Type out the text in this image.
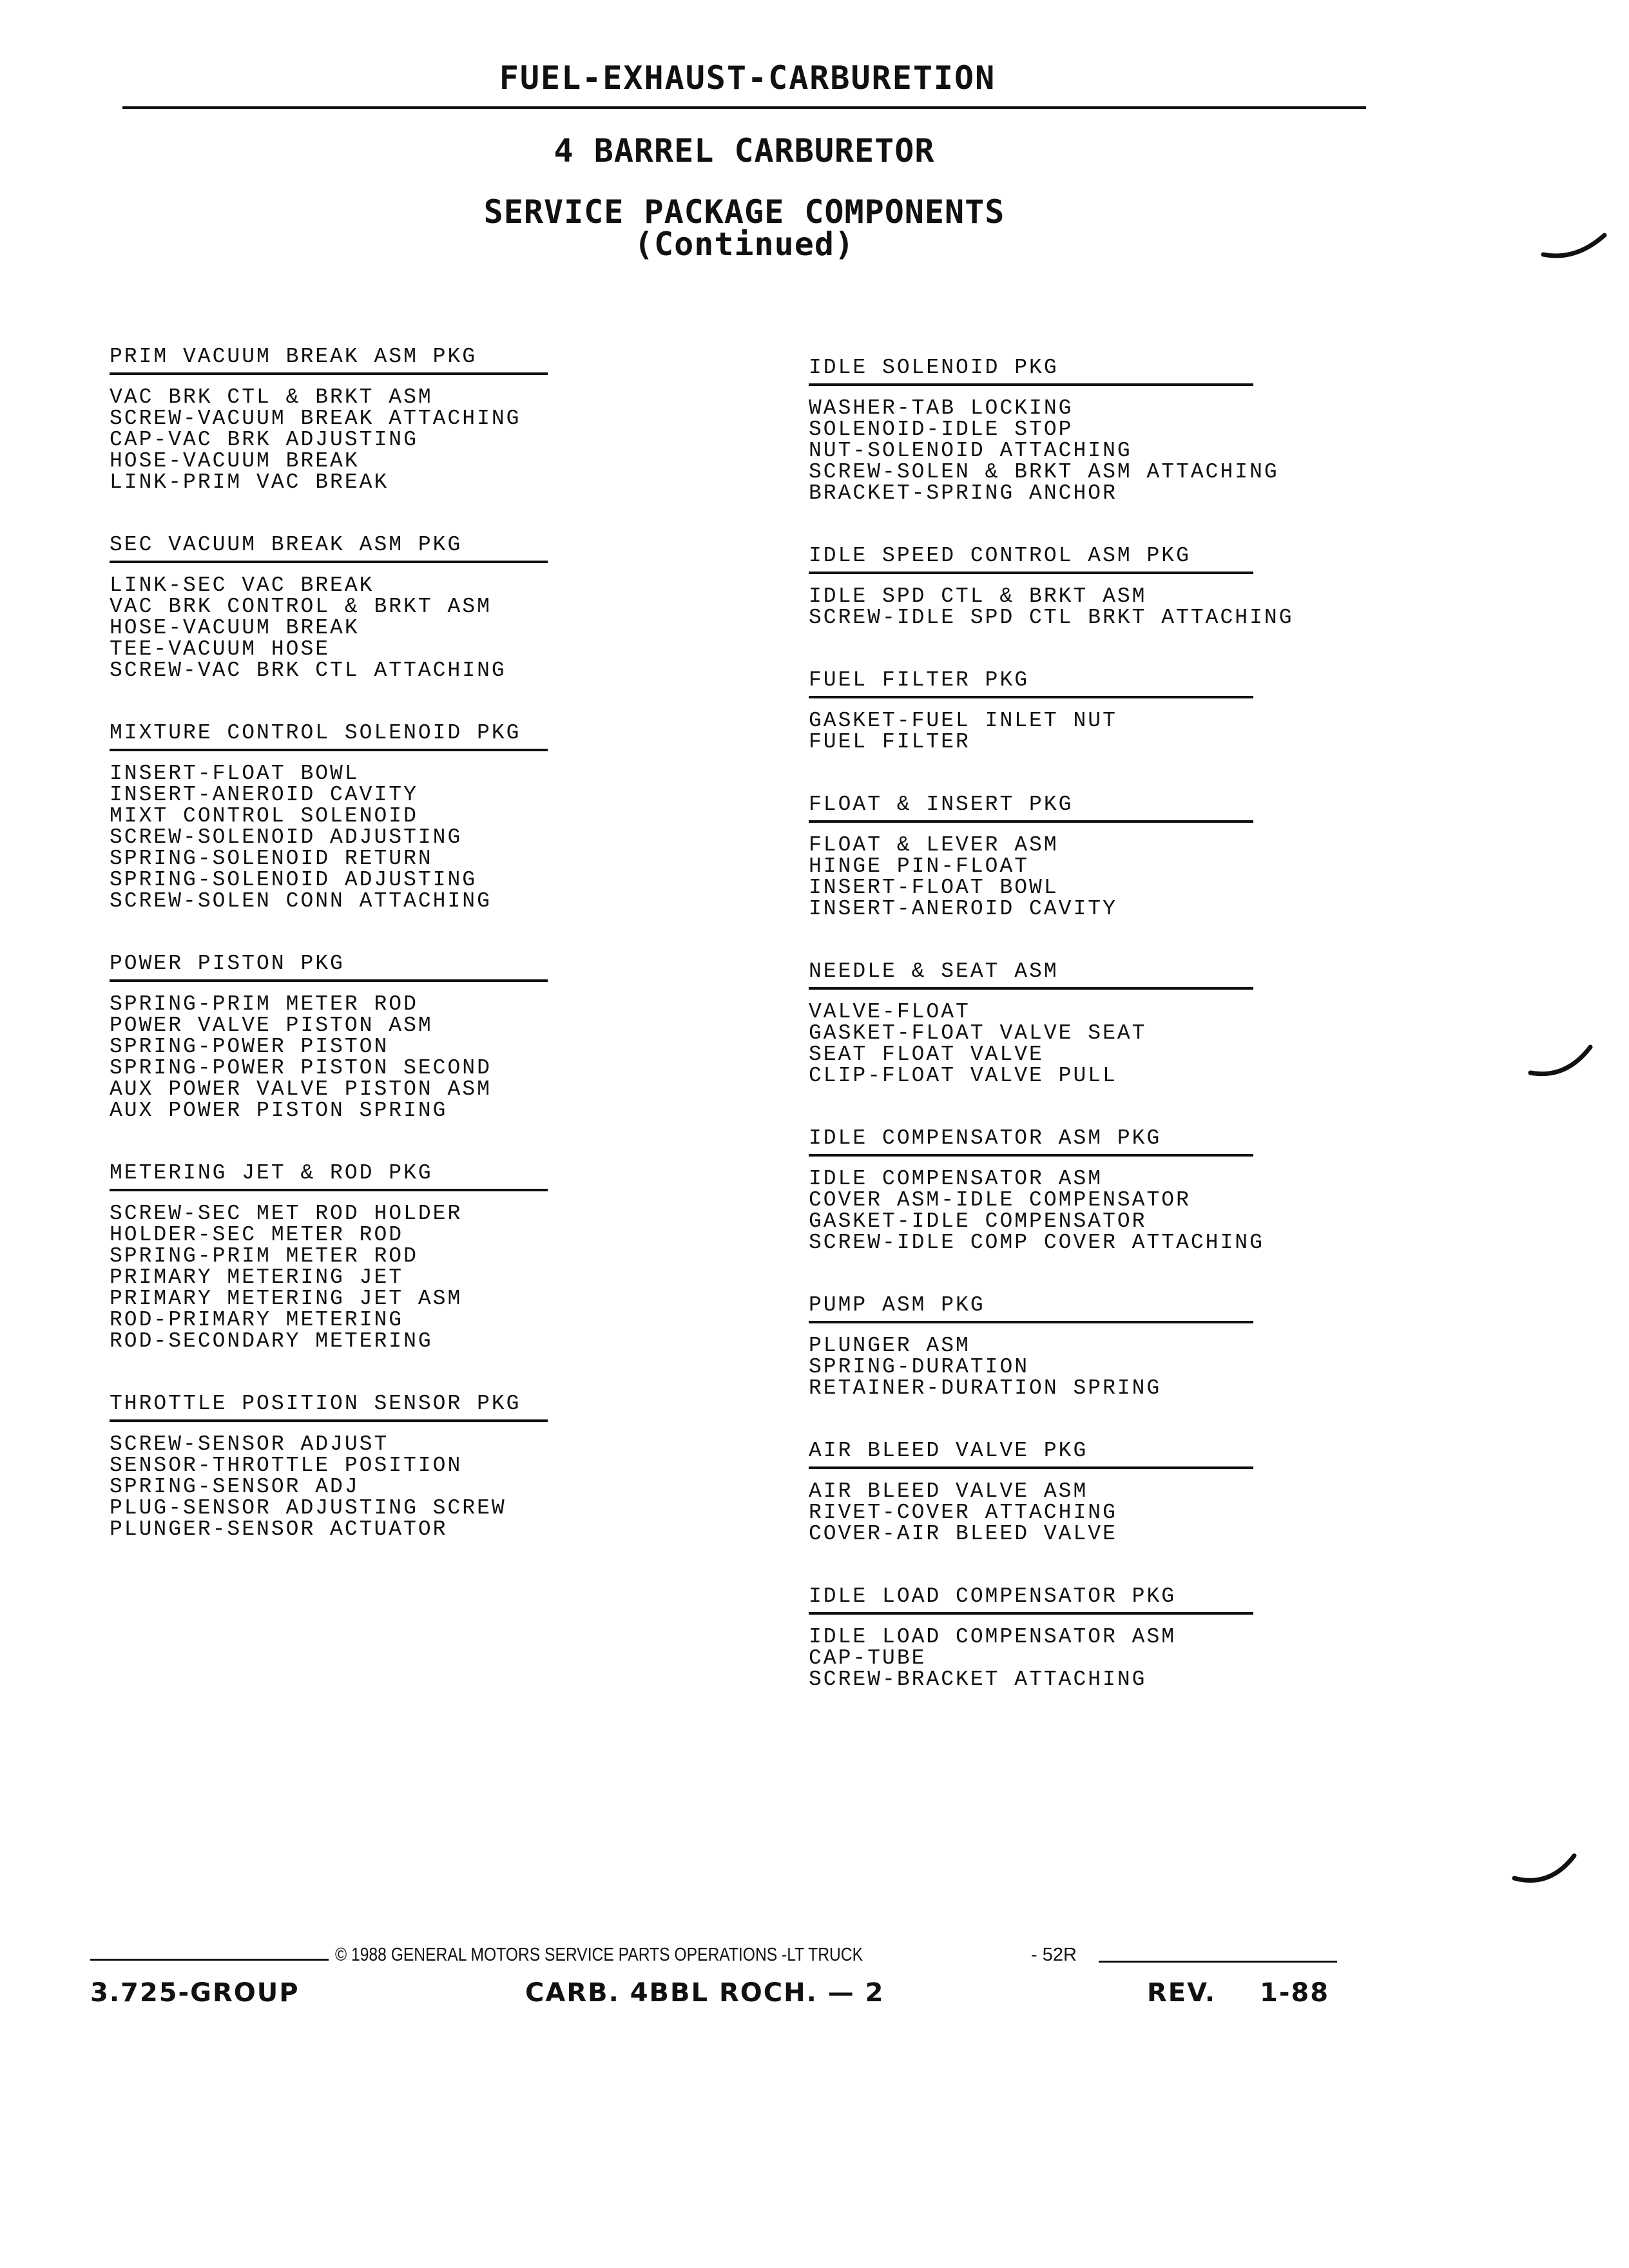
FUEL-EXHAUST-CARBURETION
4 BARREL CARBURETOR
SERVICE PACKAGE COMPONENTS
(Continued)
PRIM VACUUM BREAK ASM PKG
VAC BRK CTL & BRKT ASM
SCREW-VACUUM BREAK ATTACHING
CAP-VAC BRK ADJUSTING
HOSE-VACUUM BREAK
LINK-PRIM VAC BREAK
SEC VACUUM BREAK ASM PKG
LINK-SEC VAC BREAK
VAC BRK CONTROL & BRKT ASM
HOSE-VACUUM BREAK
TEE-VACUUM HOSE
SCREW-VAC BRK CTL ATTACHING
MIXTURE CONTROL SOLENOID PKG
INSERT-FLOAT BOWL
INSERT-ANEROID CAVITY
MIXT CONTROL SOLENOID
SCREW-SOLENOID ADJUSTING
SPRING-SOLENOID RETURN
SPRING-SOLENOID ADJUSTING
SCREW-SOLEN CONN ATTACHING
POWER PISTON PKG
SPRING-PRIM METER ROD
POWER VALVE PISTON ASM
SPRING-POWER PISTON
SPRING-POWER PISTON SECOND
AUX POWER VALVE PISTON ASM
AUX POWER PISTON SPRING
METERING JET & ROD PKG
SCREW-SEC MET ROD HOLDER
HOLDER-SEC METER ROD
SPRING-PRIM METER ROD
PRIMARY METERING JET
PRIMARY METERING JET ASM
ROD-PRIMARY METERING
ROD-SECONDARY METERING
THROTTLE POSITION SENSOR PKG
SCREW-SENSOR ADJUST
SENSOR-THROTTLE POSITION
SPRING-SENSOR ADJ
PLUG-SENSOR ADJUSTING SCREW
PLUNGER-SENSOR ACTUATOR
IDLE SOLENOID PKG
WASHER-TAB LOCKING
SOLENOID-IDLE STOP
NUT-SOLENOID ATTACHING
SCREW-SOLEN & BRKT ASM ATTACHING
BRACKET-SPRING ANCHOR
IDLE SPEED CONTROL ASM PKG
IDLE SPD CTL & BRKT ASM
SCREW-IDLE SPD CTL BRKT ATTACHING
FUEL FILTER PKG
GASKET-FUEL INLET NUT
FUEL FILTER
FLOAT & INSERT PKG
FLOAT & LEVER ASM
HINGE PIN-FLOAT
INSERT-FLOAT BOWL
INSERT-ANEROID CAVITY
NEEDLE & SEAT ASM
VALVE-FLOAT
GASKET-FLOAT VALVE SEAT
SEAT FLOAT VALVE
CLIP-FLOAT VALVE PULL
IDLE COMPENSATOR ASM PKG
IDLE COMPENSATOR ASM
COVER ASM-IDLE COMPENSATOR
GASKET-IDLE COMPENSATOR
SCREW-IDLE COMP COVER ATTACHING
PUMP ASM PKG
PLUNGER ASM
SPRING-DURATION
RETAINER-DURATION SPRING
AIR BLEED VALVE PKG
AIR BLEED VALVE ASM
RIVET-COVER ATTACHING
COVER-AIR BLEED VALVE
IDLE LOAD COMPENSATOR PKG
IDLE LOAD COMPENSATOR ASM
CAP-TUBE
SCREW-BRACKET ATTACHING
© 1988 GENERAL MOTORS SERVICE PARTS OPERATIONS -LT TRUCK	- 52R
3.725-GROUP	CARB. 4BBL ROCH. — 2	REV. 1-88
